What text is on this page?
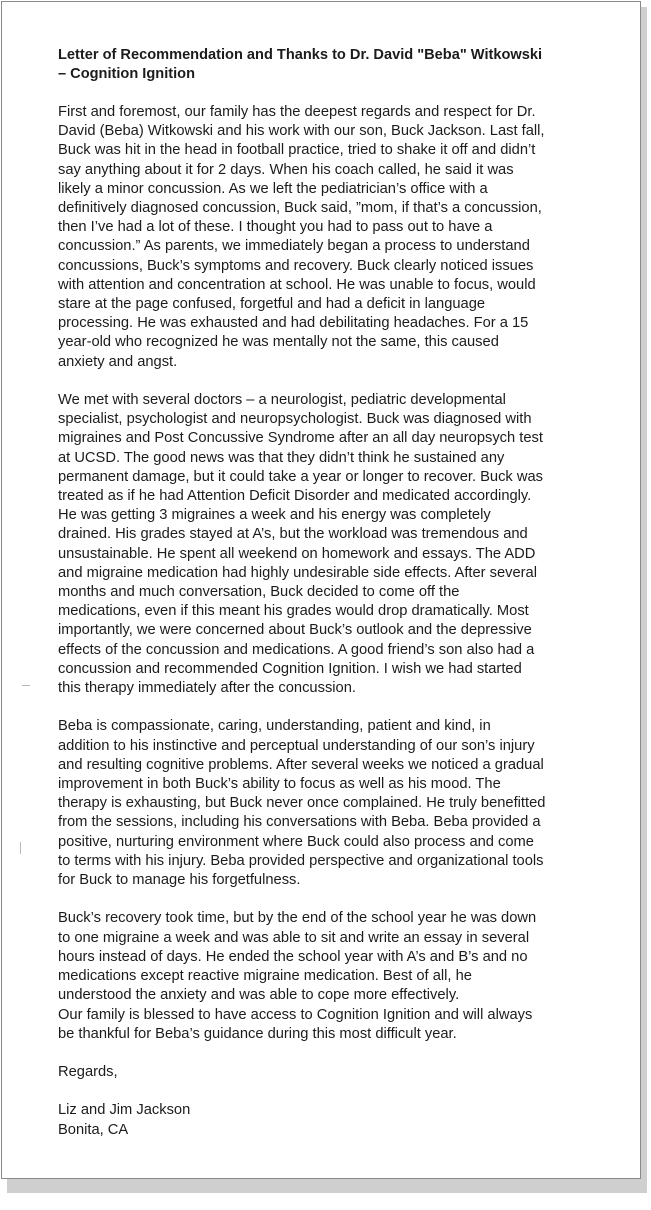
Letter of Recommendation and Thanks to Dr. David "Beba" Witkowski
– Cognition Ignition
First and foremost, our family has the deepest regards and respect for Dr.
David (Beba) Witkowski and his work with our son, Buck Jackson. Last fall,
Buck was hit in the head in football practice, tried to shake it off and didn’t
say anything about it for 2 days. When his coach called, he said it was
likely a minor concussion. As we left the pediatrician’s office with a
definitively diagnosed concussion, Buck said, ”mom, if that’s a concussion,
then I’ve had a lot of these. I thought you had to pass out to have a
concussion.” As parents, we immediately began a process to understand
concussions, Buck’s symptoms and recovery. Buck clearly noticed issues
with attention and concentration at school. He was unable to focus, would
stare at the page confused, forgetful and had a deficit in language
processing. He was exhausted and had debilitating headaches. For a 15
year-old who recognized he was mentally not the same, this caused
anxiety and angst.
We met with several doctors – a neurologist, pediatric developmental
specialist, psychologist and neuropsychologist. Buck was diagnosed with
migraines and Post Concussive Syndrome after an all day neuropsych test
at UCSD. The good news was that they didn’t think he sustained any
permanent damage, but it could take a year or longer to recover. Buck was
treated as if he had Attention Deficit Disorder and medicated accordingly.
He was getting 3 migraines a week and his energy was completely
drained. His grades stayed at A’s, but the workload was tremendous and
unsustainable. He spent all weekend on homework and essays. The ADD
and migraine medication had highly undesirable side effects. After several
months and much conversation, Buck decided to come off the
medications, even if this meant his grades would drop dramatically. Most
importantly, we were concerned about Buck’s outlook and the depressive
effects of the concussion and medications. A good friend’s son also had a
concussion and recommended Cognition Ignition. I wish we had started
this therapy immediately after the concussion.
Beba is compassionate, caring, understanding, patient and kind, in
addition to his instinctive and perceptual understanding of our son’s injury
and resulting cognitive problems. After several weeks we noticed a gradual
improvement in both Buck’s ability to focus as well as his mood. The
therapy is exhausting, but Buck never once complained. He truly benefitted
from the sessions, including his conversations with Beba. Beba provided a
positive, nurturing environment where Buck could also process and come
to terms with his injury. Beba provided perspective and organizational tools
for Buck to manage his forgetfulness.
Buck’s recovery took time, but by the end of the school year he was down
to one migraine a week and was able to sit and write an essay in several
hours instead of days. He ended the school year with A’s and B’s and no
medications except reactive migraine medication. Best of all, he
understood the anxiety and was able to cope more effectively.
Our family is blessed to have access to Cognition Ignition and will always
be thankful for Beba’s guidance during this most difficult year.
Regards,
Liz and Jim Jackson
Bonita, CA
